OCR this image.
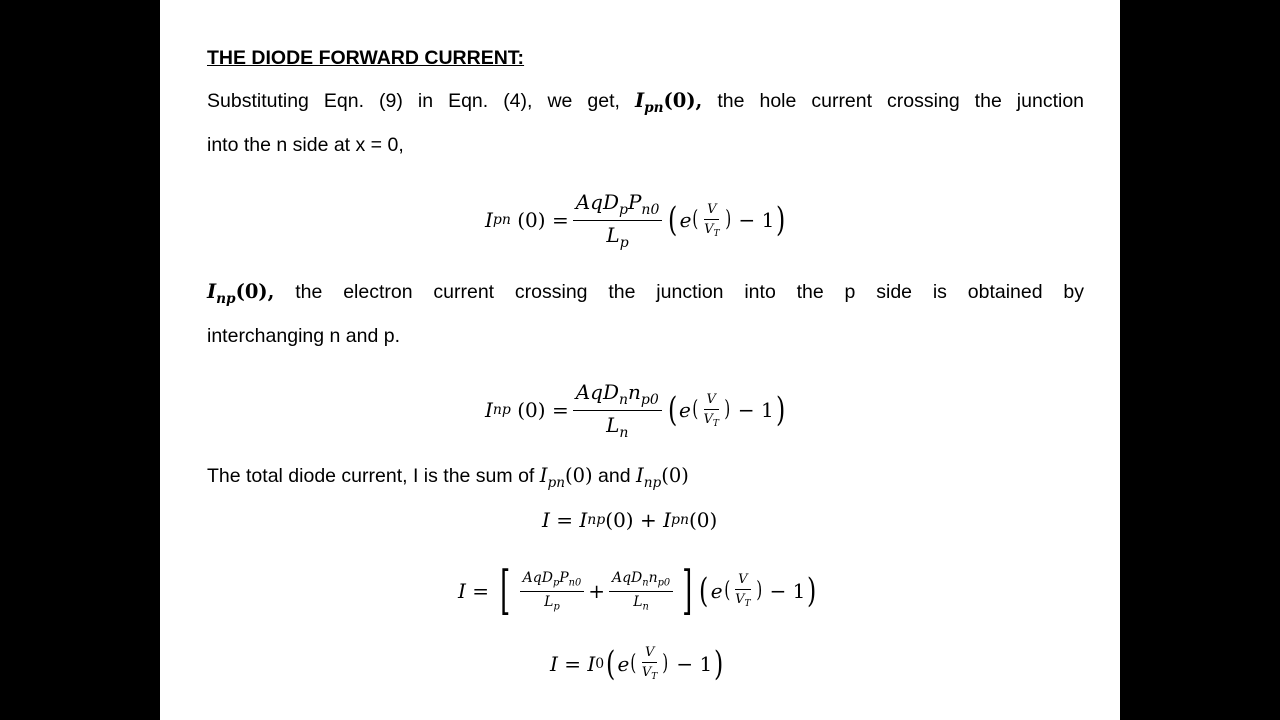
THE DIODE FORWARD CURRENT:
Substituting Eqn. (9) in Eqn. (4), we get, $I_{pn}(0)$, the hole current crossing the junction
into the n side at x = 0,
I pn
$(0) = \frac{AqD_pP_{n0}}{L_p}$ ( e ( $\frac{V}{V_T}$ )
− 1 )
$I_{np}(0)$, the electron current crossing the junction into the p side is obtained by
interchanging n and p.
I np
$(0) = \frac{AqD_nn_{p0}}{L_n}$ ( e ( $\frac{V}{V_T}$ )
− 1 )
The total diode current, I is the sum of $I_{pn}(0)$ and $I_{np}(0)$
I =
I np (0) +
I pn (0)
I =
[ $\frac{AqD_pP_{n0}}{L_p} + \frac{AqD_nn_{p0}}{L_n}$ ] ( e ( $\frac{V}{V_T}$ )
− 1 )
I =
I 0 ( e ( $\frac{V}{V_T}$ )
− 1 )
